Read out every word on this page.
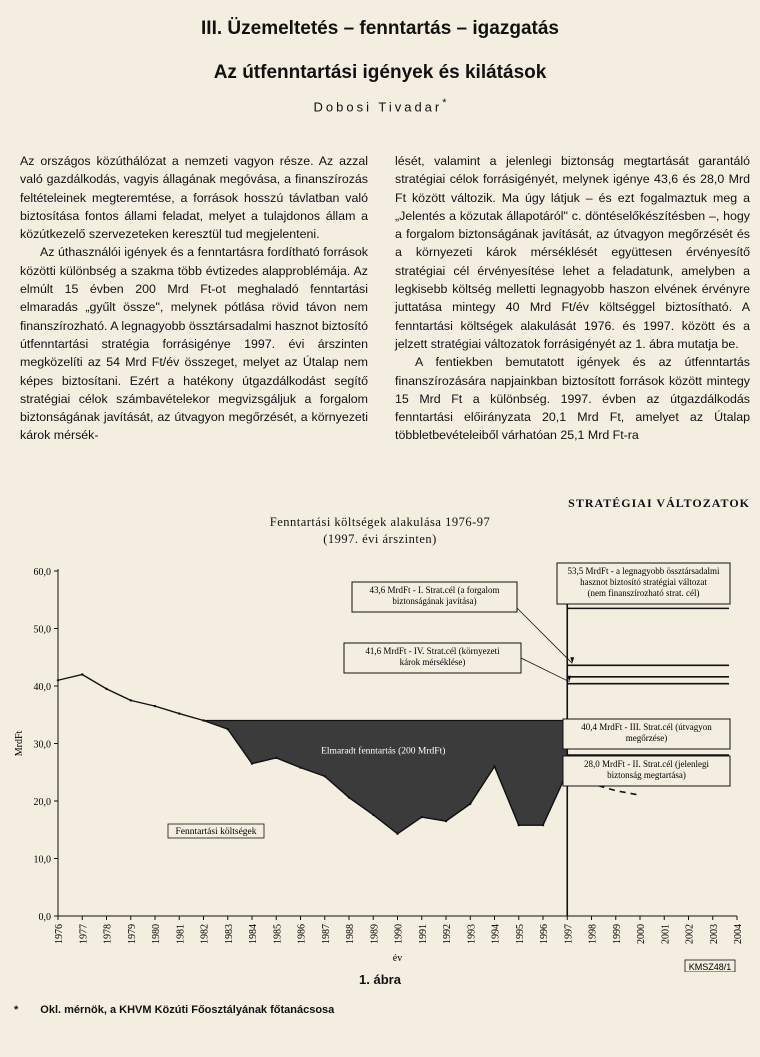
III. Üzemeltetés – fenntartás – igazgatás
Az útfenntartási igények és kilátások
Dobosi Tivadar*

Az országos közúthálózat a nemzeti vagyon része. Az azzal való gazdálkodás, vagyis állagának megóvása, a finanszírozás feltételeinek megteremtése, a források hosszú távlatban való biztosítása fontos állami feladat, melyet a tulajdonos állam a közútkezelő szervezeteken keresztül tud megjelenteni.

Az úthasználói igények és a fenntartásra fordítható források közötti különbség a szakma több évtizedes alapproblémája. Az elmúlt 15 évben 200 Mrd Ft-ot meghaladó fenntartási elmaradás „gyűlt össze", melynek pótlása rövid távon nem finanszírozható. A legnagyobb össztársadalmi hasznot biztosító útfenntartási stratégia forrásigénye 1997. évi árszinten megközelíti az 54 Mrd Ft/év összeget, melyet az Útalap nem képes biztosítani. Ezért a hatékony útgazdálkodást segítő stratégiai célok számbavételekor megvizsgáljuk a forgalom biztonságának javítását, az útvagyon megőrzését, a környezeti károk mérsék-

lését, valamint a jelenlegi biztonság megtartását garantáló stratégiai célok forrásigényét, melynek igénye 43,6 és 28,0 Mrd Ft között változik. Ma úgy látjuk – és ezt fogalmaztuk meg a „Jelentés a közutak állapotáról" c. döntéselőkészítésben –, hogy a forgalom biztonságának javítását, az útvagyon megőrzését és a környezeti károk mérséklését együttesen érvényesítő stratégiai cél érvényesítése lehet a feladatunk, amelyben a legkisebb költség melletti legnagyobb haszon elvének érvényre juttatása mintegy 40 Mrd Ft/év költséggel biztosítható. A fenntartási költségek alakulását 1976. és 1997. között és a jelzett stratégiai változatok forrásigényét az 1. ábra mutatja be.

A fentiekben bemutatott igények és az útfenntartás finanszírozására napjainkban biztosított források között mintegy 15 Mrd Ft a különbség. 1997. évben az útgazdálkodás fenntartási előirányzata 20,1 Mrd Ft, amelyet az Útalap többletbevételeiből várhatóan 25,1 Mrd Ft-ra

STRATÉGIAI VÁLTOZATOK
Fenntartási költségek alakulása 1976-97
(1997. évi árszinten)
0,0
10,0
20,0
30,0
40,0
50,0
60,0
MrdFt
1976 1977 1978 1979 1980 1981 1982 1983 1984 1985 1986 1987 1988 1989 1990 1991 1992 1993 1994 1995 1996 1997 1998 1999 2000 2001 2002 2003 2004
év
53,5 MrdFt - a legnagyobb össztársadalmi
hasznot biztosító stratégiai változat
(nem finanszírozható strat. cél)
43,6 MrdFt - I. Strat.cél (a forgalom
biztonságának javítása)
41,6 MrdFt - IV. Strat.cél (környezeti
károk mérséklése)
40,4 MrdFt - III. Strat.cél (útvagyon
megőrzése)
28,0 MrdFt - II. Strat.cél (jelenlegi
biztonság megtartása)
Elmaradt fenntartás (200 MrdFt)
Fenntartási költségek
KMSZ48/1
1. ábra
* Okl. mérnök, a KHVM Közúti Főosztályának főtanácsosa
